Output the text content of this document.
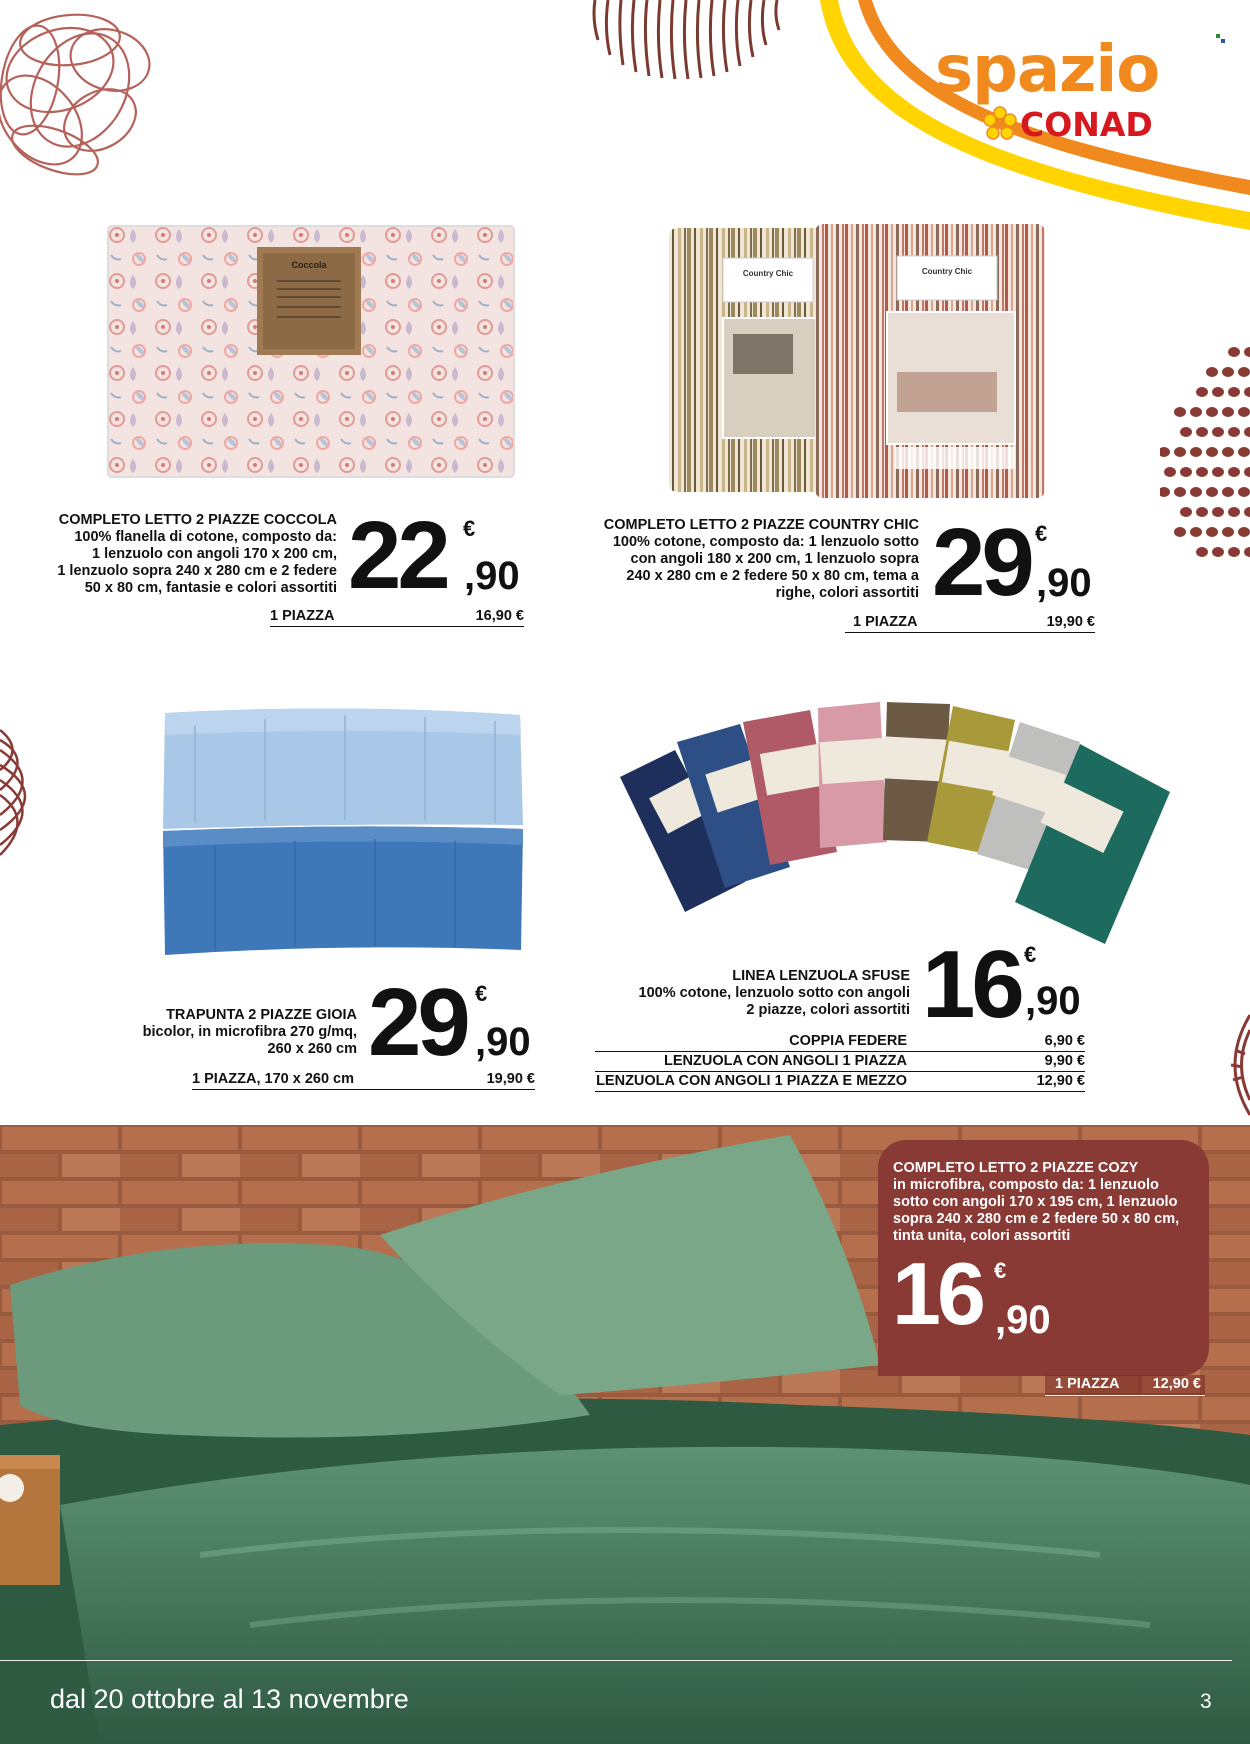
spazio
CONAD
Coccola
Country Chic	Country Chic
COMPLETO LETTO 2 PIAZZE COCCOLA
100% flanella di cotone, composto da:
1 lenzuolo con angoli 170 x 200 cm,
1 lenzuolo sopra 240 x 280 cm e 2 federe
50 x 80 cm, fantasie e colori assortiti 22 €
,90
1 PIAZZA	16,90 €
COMPLETO LETTO 2 PIAZZE COUNTRY CHIC
100% cotone, composto da: 1 lenzuolo sotto
con angoli 180 x 200 cm, 1 lenzuolo sopra
240 x 280 cm e 2 federe 50 x 80 cm, tema a
righe, colori assortiti 29 €
,90
1 PIAZZA	19,90 €
TRAPUNTA 2 PIAZZE GIOIA
bicolor, in microfibra 270 g/mq,
260 x 260 cm 29 €
,90
1 PIAZZA, 170 x 260 cm	19,90 €
LINEA LENZUOLA SFUSE
100% cotone, lenzuolo sotto con angoli
2 piazze, colori assortiti 16 €
,90
COPPIA FEDERE	6,90 €
LENZUOLA CON ANGOLI 1 PIAZZA	9,90 €
LENZUOLA CON ANGOLI 1 PIAZZA E MEZZO	12,90 €
COMPLETO LETTO 2 PIAZZE COZY
in microfibra, composto da: 1 lenzuolo
sotto con angoli 170 x 195 cm, 1 lenzuolo
sopra 240 x 280 cm e 2 federe 50 x 80 cm,
tinta unita, colori assortiti
16 €
,90
1 PIAZZA 12,90 €
dal 20 ottobre al 13 novembre	3
